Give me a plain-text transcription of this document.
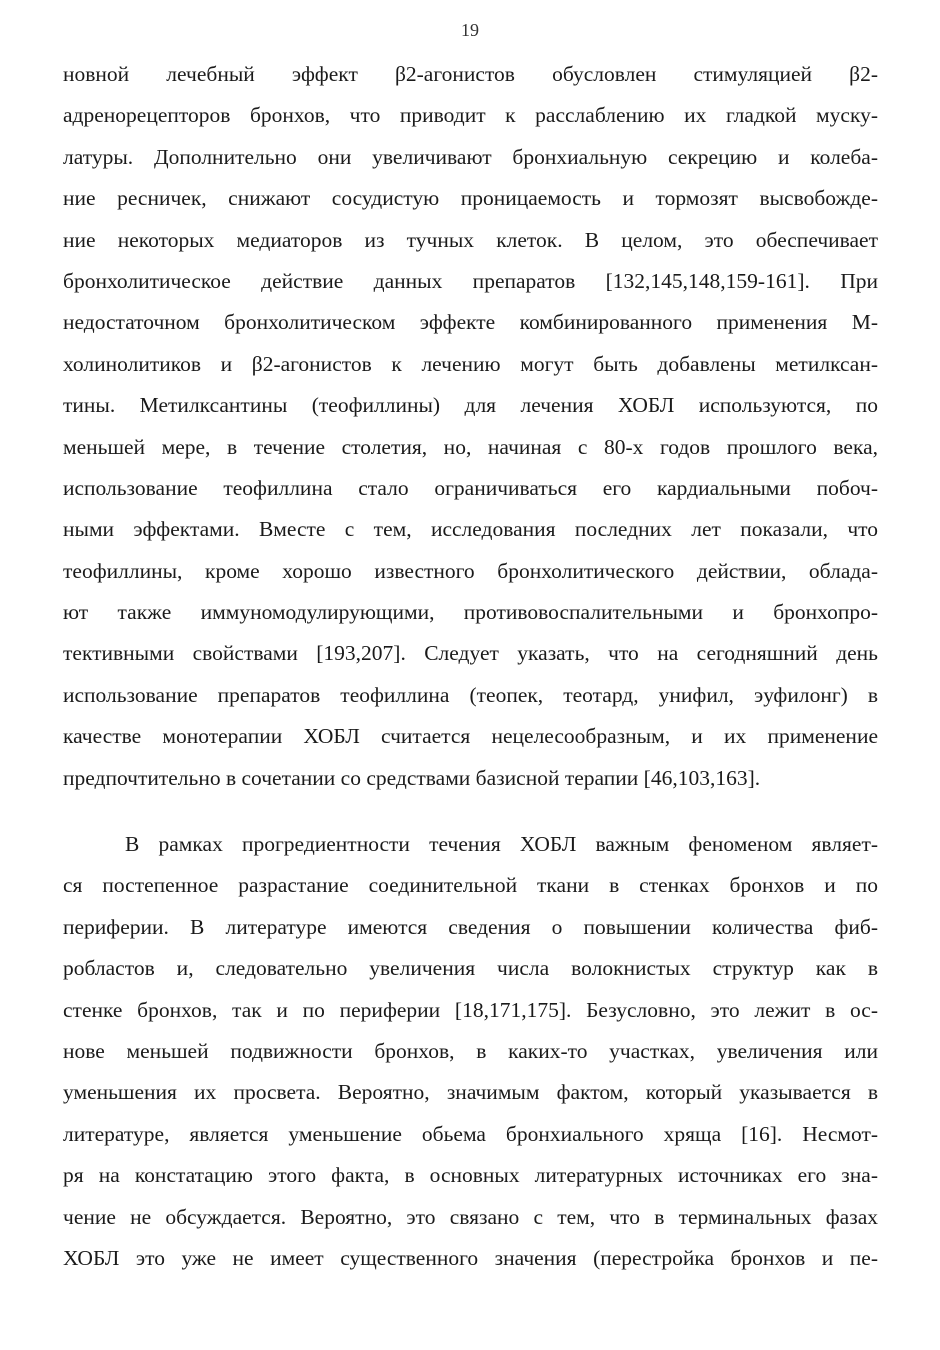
19
новной лечебный эффект β2-агонистов обусловлен стимуляцией β2-
адренорецепторов бронхов, что приводит к расслаблению их гладкой муску-
латуры. Дополнительно они увеличивают бронхиальную секрецию и колеба-
ние ресничек, снижают сосудистую проницаемость и тормозят высвобожде-
ние некоторых медиаторов из тучных клеток. В целом, это обеспечивает
бронхолитическое действие данных препаратов [132,145,148,159-161]. При
недостаточном бронхолитическом эффекте комбинированного применения М-
холинолитиков и β2-агонистов к лечению могут быть добавлены метилксан-
тины. Метилксантины (теофиллины) для лечения ХОБЛ используются, по
меньшей мере, в течение столетия, но, начиная с 80-х годов прошлого века,
использование теофиллина стало ограничиваться его кардиальными побоч-
ными эффектами. Вместе с тем, исследования последних лет показали, что
теофиллины, кроме хорошо известного бронхолитического действии, облада-
ют также иммуномодулирующими, противовоспалительными и бронхопро-
тективными свойствами [193,207]. Следует указать, что на сегодняшний день
использование препаратов теофиллина (теопек, теотард, унифил, эуфилонг) в
качестве монотерапии ХОБЛ считается нецелесообразным, и их применение
предпочтительно в сочетании со средствами базисной терапии [46,103,163].
В рамках прогредиентности течения ХОБЛ важным феноменом являет-
ся постепенное разрастание соединительной ткани в стенках бронхов и по
периферии. В литературе имеются сведения о повышении количества фиб-
робластов и, следовательно увеличения числа волокнистых структур как в
стенке бронхов, так и по периферии [18,171,175]. Безусловно, это лежит в ос-
нове меньшей подвижности бронхов, в каких-то участках, увеличения или
уменьшения их просвета. Вероятно, значимым фактом, который указывается в
литературе, является уменьшение обьема бронхиального хряща [16]. Несмот-
ря на констатацию этого факта, в основных литературных источниках его зна-
чение не обсуждается. Вероятно, это связано с тем, что в терминальных фазах
ХОБЛ это уже не имеет существенного значения (перестройка бронхов и пе-
